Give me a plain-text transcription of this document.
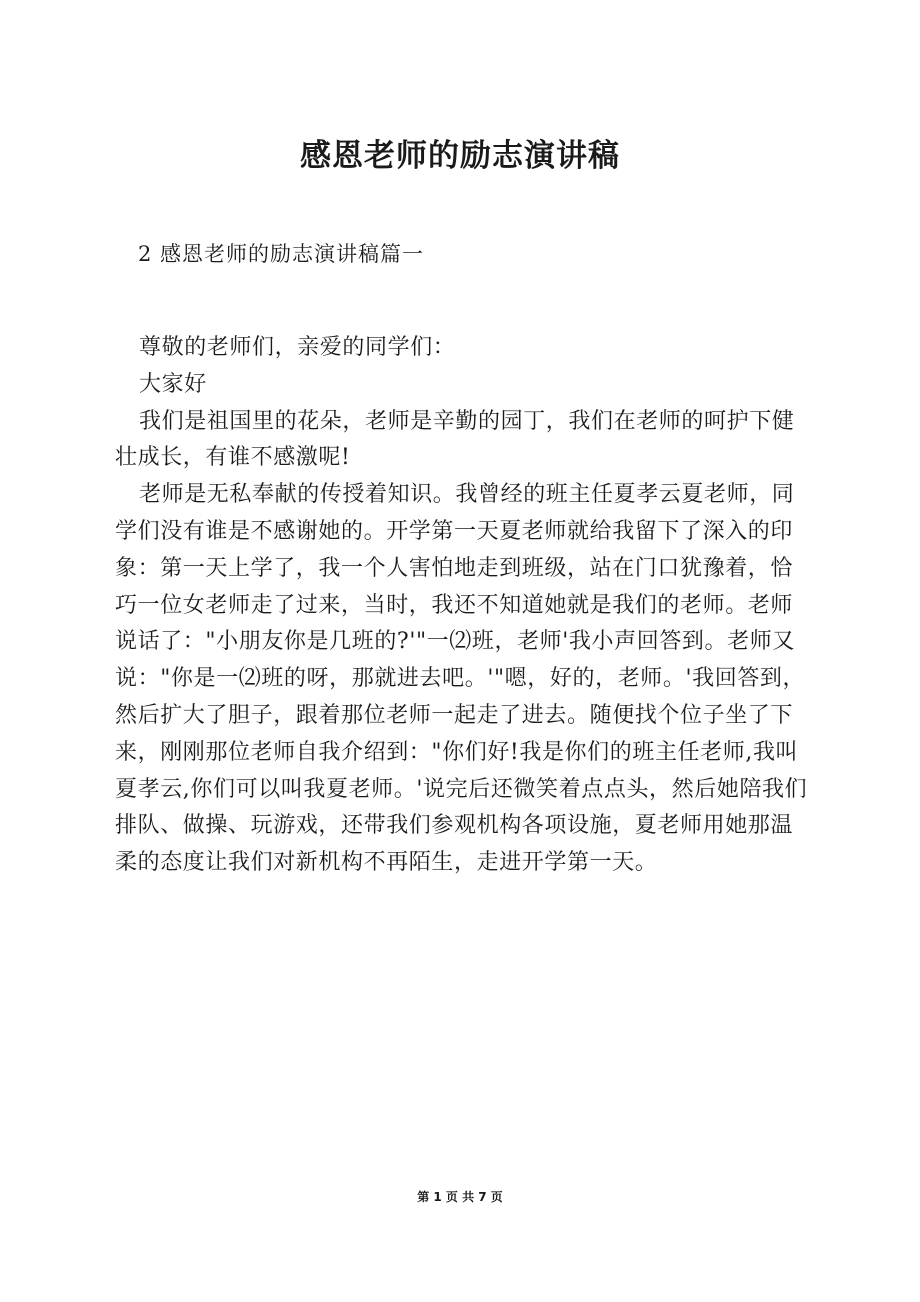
感恩老师的励志演讲稿
2 感恩老师的励志演讲稿篇一

尊敬的老师们，亲爱的同学们：

大家好

我们是祖国里的花朵，老师是辛勤的园丁，我们在老师的呵护下健壮成长，有谁不感激呢!

老师是无私奉献的传授着知识。我曾经的班主任夏孝云夏老师，同学们没有谁是不感谢她的。开学第一天夏老师就给我留下了深入的印象：第一天上学了，我一个人害怕地走到班级，站在门口犹豫着，恰巧一位女老师走了过来，当时，我还不知道她就是我们的老师。老师说话了："小朋友你是几班的?'"一⑵班，老师'我小声回答到。老师又说："你是一⑵班的呀，那就进去吧。'"嗯，好的，老师。'我回答到，然后扩大了胆子，跟着那位老师一起走了进去。随便找个位子坐了下来，刚刚那位老师自我介绍到："你们好!我是你们的班主任老师,我叫夏孝云,你们可以叫我夏老师。'说完后还微笑着点点头，然后她陪我们排队、做操、玩游戏，还带我们参观机构各项设施，夏老师用她那温柔的态度让我们对新机构不再陌生，走进开学第一天。

第 1 页 共 7 页
